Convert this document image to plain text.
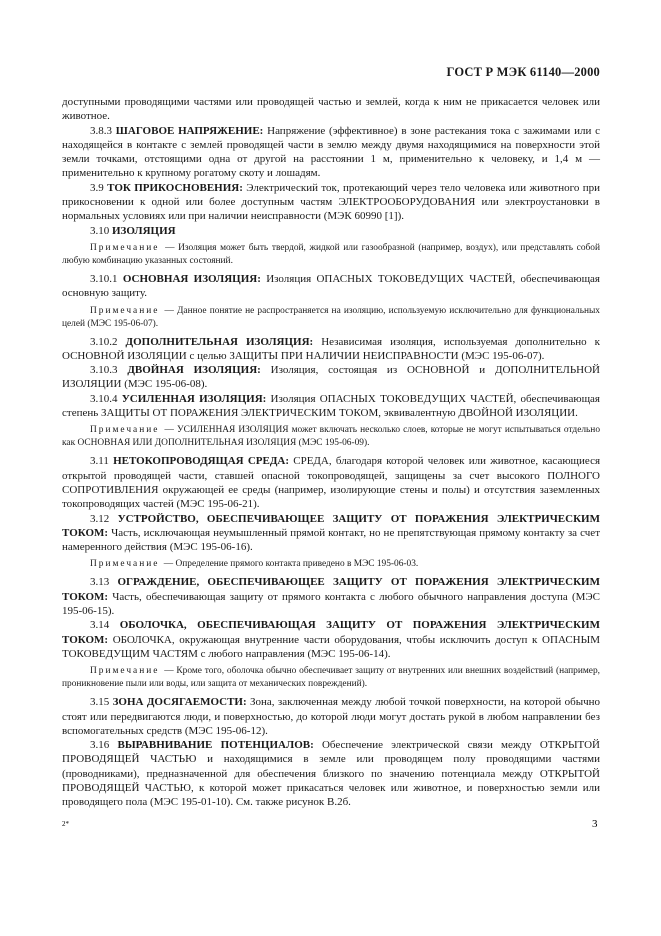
ГОСТ Р МЭК 61140—2000

доступными проводящими частями или проводящей частью и землей, когда к ним не прикасается человек или животное.

3.8.3 ШАГОВОЕ НАПРЯЖЕНИЕ: Напряжение (эффективное) в зоне растекания тока с зажимами или с находящейся в контакте с землей проводящей части в землю между двумя находящимися на поверхности этой земли точками, отстоящими одна от другой на расстоянии 1 м, применительно к человеку, и 1,4 м — применительно к крупному рогатому скоту и лошадям.

3.9 ТОК ПРИКОСНОВЕНИЯ: Электрический ток, протекающий через тело человека или животного при прикосновении к одной или более доступным частям ЭЛЕКТРООБОРУДОВАНИЯ или электроустановки в нормальных условиях или при наличии неисправности (МЭК 60990 [1]).

3.10 ИЗОЛЯЦИЯ

Примечание — Изоляция может быть твердой, жидкой или газообразной (например, воздух), или представлять собой любую комбинацию указанных состояний.

3.10.1 ОСНОВНАЯ ИЗОЛЯЦИЯ: Изоляция ОПАСНЫХ ТОКОВЕДУЩИХ ЧАСТЕЙ, обеспечивающая основную защиту.

Примечание — Данное понятие не распространяется на изоляцию, используемую исключительно для функциональных целей (МЭС 195-06-07).

3.10.2 ДОПОЛНИТЕЛЬНАЯ ИЗОЛЯЦИЯ: Независимая изоляция, используемая дополнительно к ОСНОВНОЙ ИЗОЛЯЦИИ с целью ЗАЩИТЫ ПРИ НАЛИЧИИ НЕИСПРАВНОСТИ (МЭС 195-06-07).

3.10.3 ДВОЙНАЯ ИЗОЛЯЦИЯ: Изоляция, состоящая из ОСНОВНОЙ и ДОПОЛНИТЕЛЬНОЙ ИЗОЛЯЦИИ (МЭС 195-06-08).

3.10.4 УСИЛЕННАЯ ИЗОЛЯЦИЯ: Изоляция ОПАСНЫХ ТОКОВЕДУЩИХ ЧАСТЕЙ, обеспечивающая степень ЗАЩИТЫ ОТ ПОРАЖЕНИЯ ЭЛЕКТРИЧЕСКИМ ТОКОМ, эквивалентную ДВОЙНОЙ ИЗОЛЯЦИИ.

Примечание — УСИЛЕННАЯ ИЗОЛЯЦИЯ может включать несколько слоев, которые не могут испытываться отдельно как ОСНОВНАЯ ИЛИ ДОПОЛНИТЕЛЬНАЯ ИЗОЛЯЦИЯ (МЭС 195-06-09).

3.11 НЕТОКОПРОВОДЯЩАЯ СРЕДА: СРЕДА, благодаря которой человек или животное, касающиеся открытой проводящей части, ставшей опасной токопроводящей, защищены за счет высокого ПОЛНОГО СОПРОТИВЛЕНИЯ окружающей ее среды (например, изолирующие стены и полы) и отсутствия заземленных токопроводящих частей (МЭС 195-06-21).

3.12 УСТРОЙСТВО, ОБЕСПЕЧИВАЮЩЕЕ ЗАЩИТУ ОТ ПОРАЖЕНИЯ ЭЛЕКТРИЧЕСКИМ ТОКОМ: Часть, исключающая неумышленный прямой контакт, но не препятствующая прямому контакту за счет намеренного действия (МЭС 195-06-16).

Примечание — Определение прямого контакта приведено в МЭС 195-06-03.

3.13 ОГРАЖДЕНИЕ, ОБЕСПЕЧИВАЮЩЕЕ ЗАЩИТУ ОТ ПОРАЖЕНИЯ ЭЛЕКТРИЧЕСКИМ ТОКОМ: Часть, обеспечивающая защиту от прямого контакта с любого обычного направления доступа (МЭС 195-06-15).

3.14 ОБОЛОЧКА, ОБЕСПЕЧИВАЮЩАЯ ЗАЩИТУ ОТ ПОРАЖЕНИЯ ЭЛЕКТРИЧЕСКИМ ТОКОМ: ОБОЛОЧКА, окружающая внутренние части оборудования, чтобы исключить доступ к ОПАСНЫМ ТОКОВЕДУЩИМ ЧАСТЯМ с любого направления (МЭС 195-06-14).

Примечание — Кроме того, оболочка обычно обеспечивает защиту от внутренних или внешних воздействий (например, проникновение пыли или воды, или защита от механических повреждений).

3.15 ЗОНА ДОСЯГАЕМОСТИ: Зона, заключенная между любой точкой поверхности, на которой обычно стоят или передвигаются люди, и поверхностью, до которой люди могут достать рукой в любом направлении без вспомогательных средств (МЭС 195-06-12).

3.16 ВЫРАВНИВАНИЕ ПОТЕНЦИАЛОВ: Обеспечение электрической связи между ОТКРЫТОЙ ПРОВОДЯЩЕЙ ЧАСТЬЮ и находящимися в земле или проводящем полу проводящими частями (проводниками), предназначенной для обеспечения близкого по значению потенциала между ОТКРЫТОЙ ПРОВОДЯЩЕЙ ЧАСТЬЮ, к которой может прикасаться человек или животное, и поверхностью земли или проводящего пола (МЭС 195-01-10). См. также рисунок В.2б.

2*	3
